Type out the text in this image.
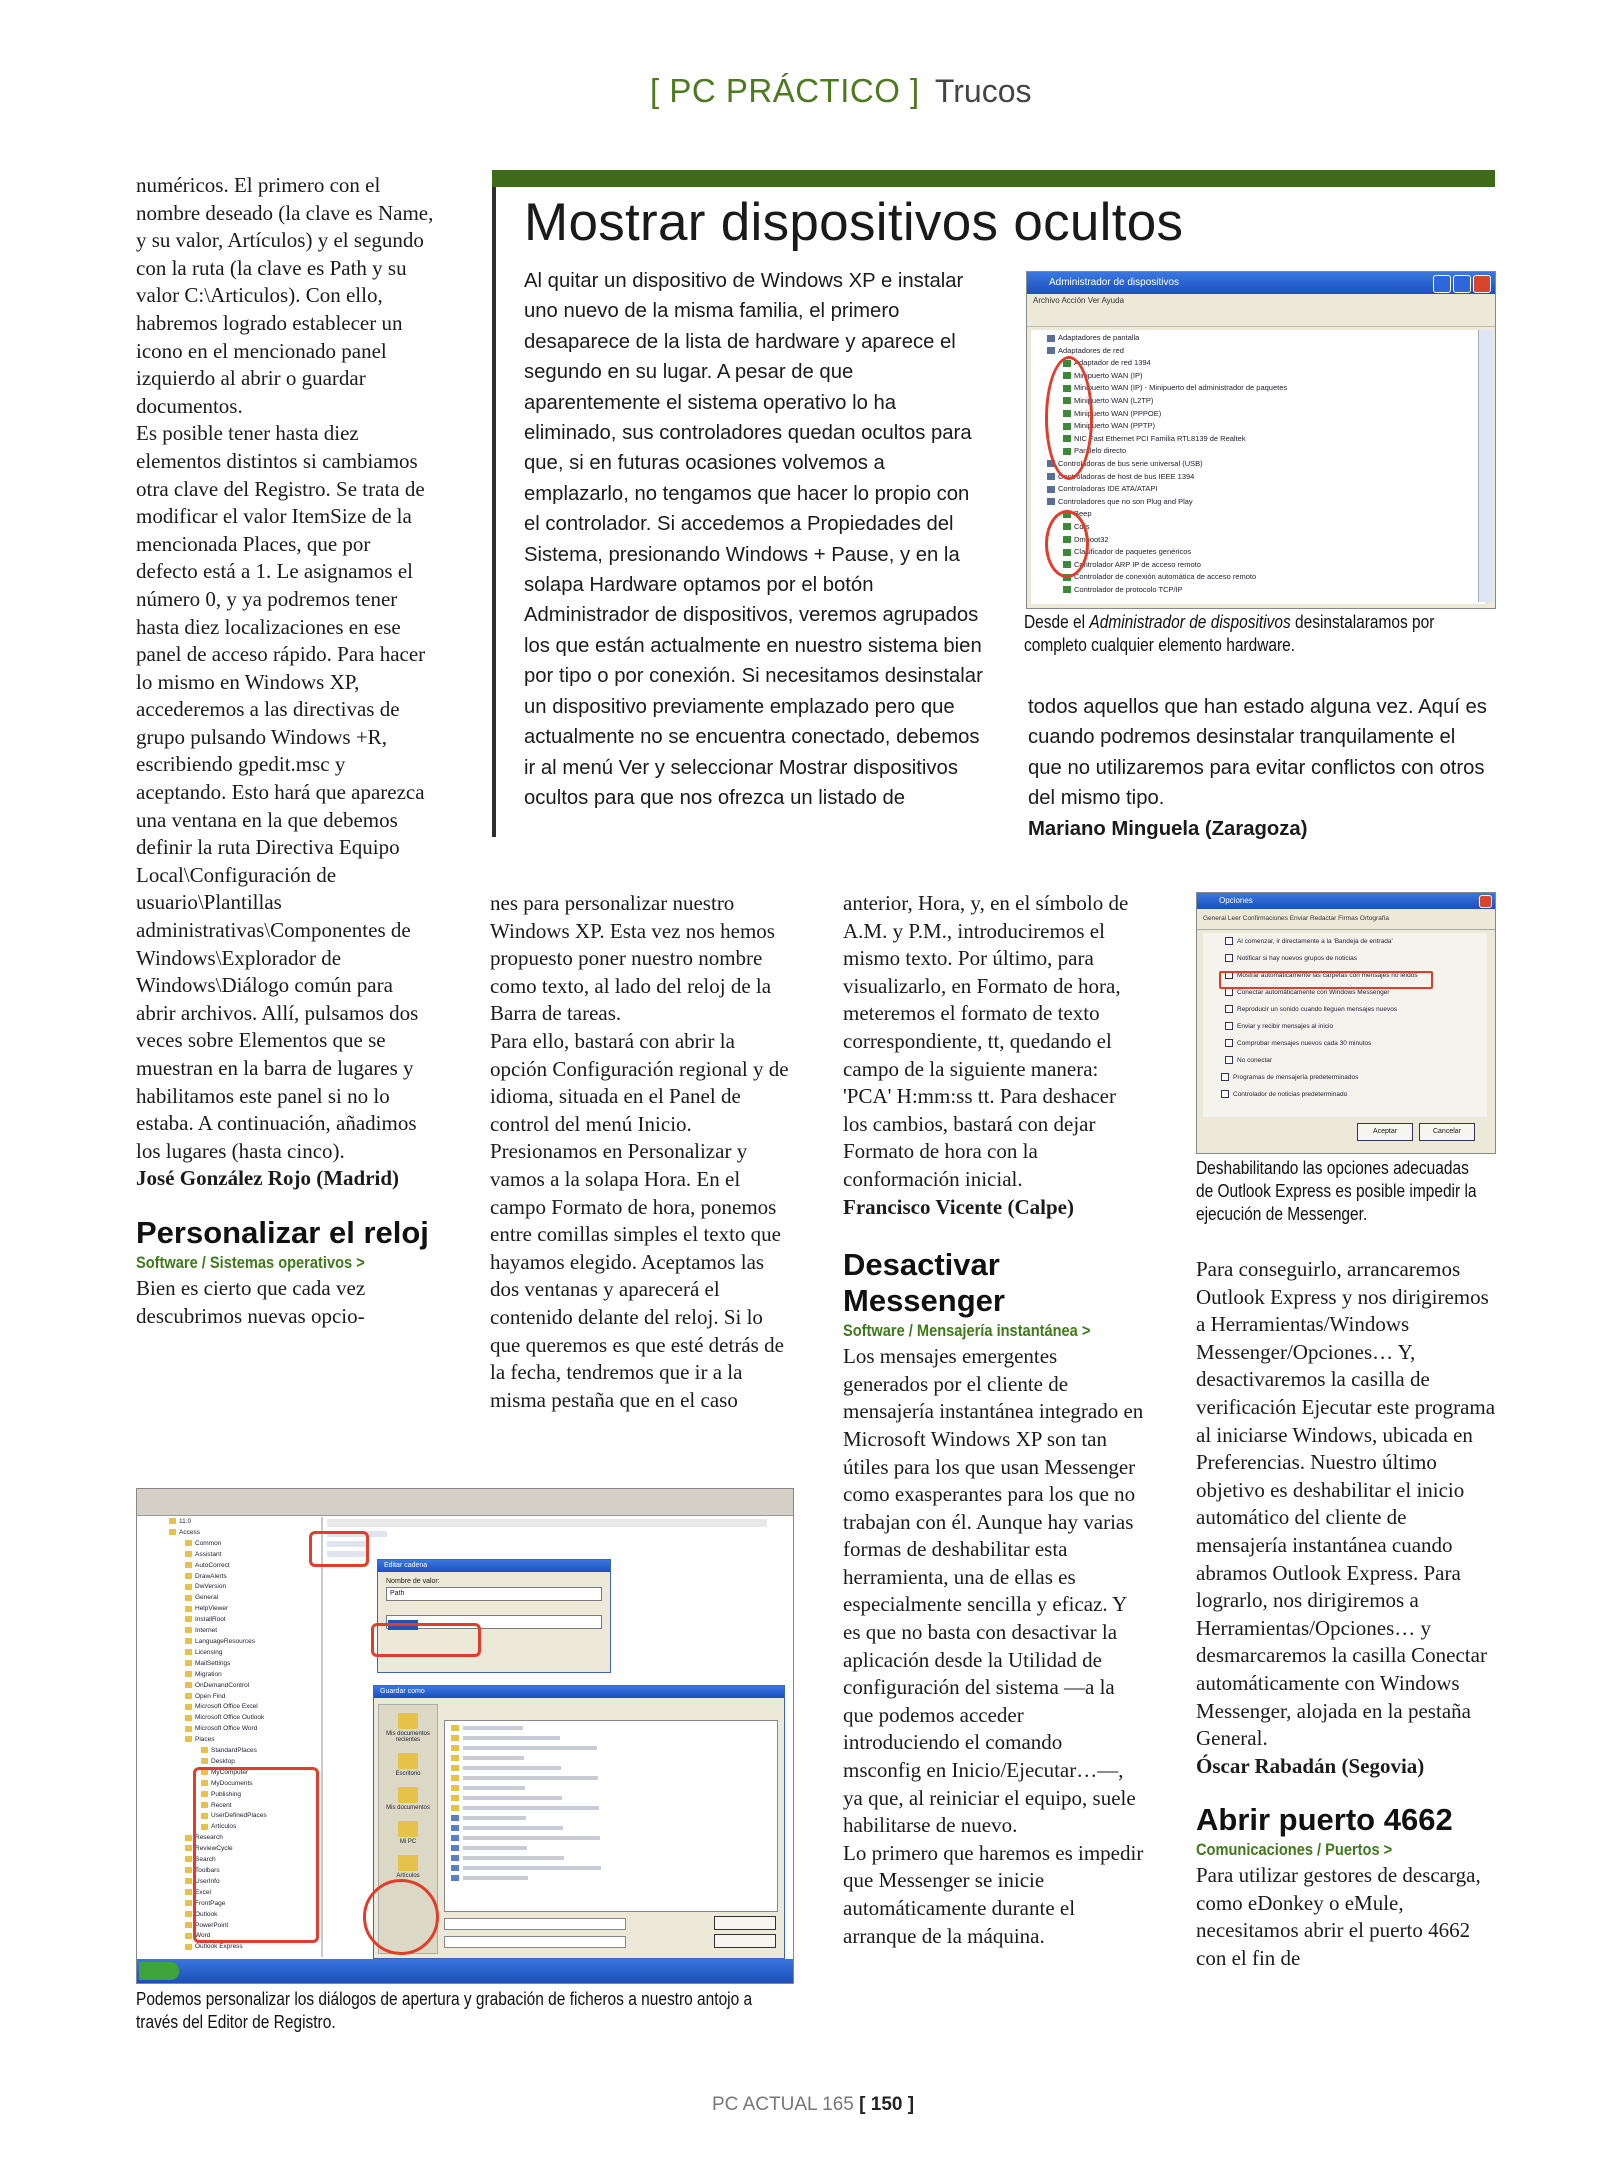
[ PC PRÁCTICO ] Trucos
Mostrar dispositivos ocultos

numéricos. El primero con el nombre deseado (la clave es Name, y su valor, Artículos) y el segundo con la ruta (la clave es Path y su valor C:\Articulos). Con ello, habremos logrado establecer un icono en el mencionado panel izquierdo al abrir o guardar documentos.

Es posible tener hasta diez elementos distintos si cambiamos otra clave del Registro. Se trata de modificar el valor ItemSize de la mencionada Places, que por defecto está a 1. Le asignamos el número 0, y ya podremos tener hasta diez localizaciones en ese panel de acceso rápido. Para hacer lo mismo en Windows XP, accederemos a las directivas de grupo pulsando Windows +R, escribiendo gpedit.msc y aceptando. Esto hará que aparezca una ventana en la que debemos definir la ruta Directiva Equipo Local\Configuración de usuario\Plantillas administrativas\Componentes de Windows\Explorador de Windows\Diálogo común para abrir archivos. Allí, pulsamos dos veces sobre Elementos que se muestran en la barra de lugares y habilitamos este panel si no lo estaba. A continuación, añadimos los lugares (hasta cinco).

José González Rojo (Madrid)

Personalizar el reloj
Software / Sistemas operativos >

Bien es cierto que cada vez descubrimos nuevas opcio-

Al quitar un dispositivo de Windows XP e instalar uno nuevo de la misma familia, el primero desaparece de la lista de hardware y aparece el segundo en su lugar. A pesar de que aparentemente el sistema operativo lo ha eliminado, sus controladores quedan ocultos para que, si en futuras ocasiones volvemos a emplazarlo, no tengamos que hacer lo propio con el controlador. Si accedemos a Propiedades del Sistema, presionando Windows + Pause, y en la solapa Hardware optamos por el botón Administrador de dispositivos, veremos agrupados los que están actualmente en nuestro sistema bien por tipo o por conexión. Si necesitamos desinstalar un dispositivo previamente emplazado pero que actualmente no se encuentra conectado, debemos ir al menú Ver y seleccionar Mostrar dispositivos ocultos para que nos ofrezca un listado de
Administrador de dispositivos
Archivo Acción Ver Ayuda
Adaptadores de pantalla
Adaptadores de red
Adaptador de red 1394
Minipuerto WAN (IP)
Minipuerto WAN (IP) - Minipuerto del administrador de paquetes
Minipuerto WAN (L2TP)
Minipuerto WAN (PPPOE)
Minipuerto WAN (PPTP)
NIC Fast Ethernet PCI Familia RTL8139 de Realtek
Paralelo directo
Controladoras de bus serie universal (USB)
Controladoras de host de bus IEEE 1394
Controladoras IDE ATA/ATAPI
Controladores que no son Plug and Play
Beep
Cdfs
Dmboot32
Clasificador de paquetes genéricos
Controlador ARP IP de acceso remoto
Controlador de conexión automática de acceso remoto
Controlador de protocolo TCP/IP
Desde el Administrador de dispositivos desinstalaramos por completo cualquier elemento hardware.

todos aquellos que han estado alguna vez. Aquí es cuando podremos desinstalar tranquilamente el que no utilizaremos para evitar conflictos con otros del mismo tipo.

Mariano Minguela (Zaragoza)

nes para personalizar nuestro Windows XP. Esta vez nos hemos propuesto poner nuestro nombre como texto, al lado del reloj de la Barra de tareas.

Para ello, bastará con abrir la opción Configuración regional y de idioma, situada en el Panel de control del menú Inicio. Presionamos en Personalizar y vamos a la solapa Hora. En el campo Formato de hora, ponemos entre comillas simples el texto que hayamos elegido. Aceptamos las dos ventanas y aparecerá el contenido delante del reloj. Si lo que queremos es que esté detrás de la fecha, tendremos que ir a la misma pestaña que en el caso

anterior, Hora, y, en el símbolo de A.M. y P.M., introduciremos el mismo texto. Por último, para visualizarlo, en Formato de hora, meteremos el formato de texto correspondiente, tt, quedando el campo de la siguiente manera: 'PCA' H:mm:ss tt. Para deshacer los cambios, bastará con dejar Formato de hora con la conformación inicial.

Francisco Vicente (Calpe)

Desactivar Messenger
Software / Mensajería instantánea >

Los mensajes emergentes generados por el cliente de mensajería instantánea integrado en Microsoft Windows XP son tan útiles para los que usan Messenger como exasperantes para los que no trabajan con él. Aunque hay varias formas de deshabilitar esta herramienta, una de ellas es especialmente sencilla y eficaz. Y es que no basta con desactivar la aplicación desde la Utilidad de configuración del sistema —a la que podemos acceder introduciendo el comando msconfig en Inicio/Ejecutar…—, ya que, al reiniciar el equipo, suele habilitarse de nuevo.

Lo primero que haremos es impedir que Messenger se inicie automáticamente durante el arranque de la máquina.

Opciones
General Leer Confirmaciones Enviar Redactar Firmas Ortografía
Al comenzar, ir directamente a la 'Bandeja de entrada'
Notificar si hay nuevos grupos de noticias
Mostrar automáticamente las carpetas con mensajes no leídos
Conectar automáticamente con Windows Messenger
Reproducir un sonido cuando lleguen mensajes nuevos
Enviar y recibir mensajes al inicio
Comprobar mensajes nuevos cada 30 minutos
No conectar
Programas de mensajería predeterminados
Controlador de noticias predeterminado
Aceptar	Cancelar
Deshabilitando las opciones adecuadas de Outlook Express es posible impedir la ejecución de Messenger.

Para conseguirlo, arrancaremos Outlook Express y nos dirigiremos a Herramientas/Windows Messenger/Opciones… Y, desactivaremos la casilla de verificación Ejecutar este programa al iniciarse Windows, ubicada en Preferencias. Nuestro último objetivo es deshabilitar el inicio automático del cliente de mensajería instantánea cuando abramos Outlook Express. Para lograrlo, nos dirigiremos a Herramientas/Opciones… y desmarcaremos la casilla Conectar automáticamente con Windows Messenger, alojada en la pestaña General.

Óscar Rabadán (Segovia)

Abrir puerto 4662
Comunicaciones / Puertos >

Para utilizar gestores de descarga, como eDonkey o eMule, necesitamos abrir el puerto 4662 con el fin de

11.0
Access
Common
Assistant
AutoCorrect
DrawAlerts
DwVersion
General
HelpViewer
InstallRoot
Internet
LanguageResources
Licensing
MailSettings
Migration
OnDemandControl
Open Find
Microsoft Office Excel
Microsoft Office Outlook
Microsoft Office Word
Places
StandardPlaces
Desktop
MyComputer
MyDocuments
Publishing
Recent
UserDefinedPlaces
Artículos
Research
ReviewCycle
Search
Toolbars
UserInfo
Excel
FrontPage
Outlook
PowerPoint
Word
Outlook Express
Editar cadena
Nombre de valor:
Path
Guardar como
Mis documentos recientes
Escritorio
Mis documentos
Mi PC
Artículos
Podemos personalizar los diálogos de apertura y grabación de ficheros a nuestro antojo a través del Editor de Registro.
PC ACTUAL 165 [ 150 ]
